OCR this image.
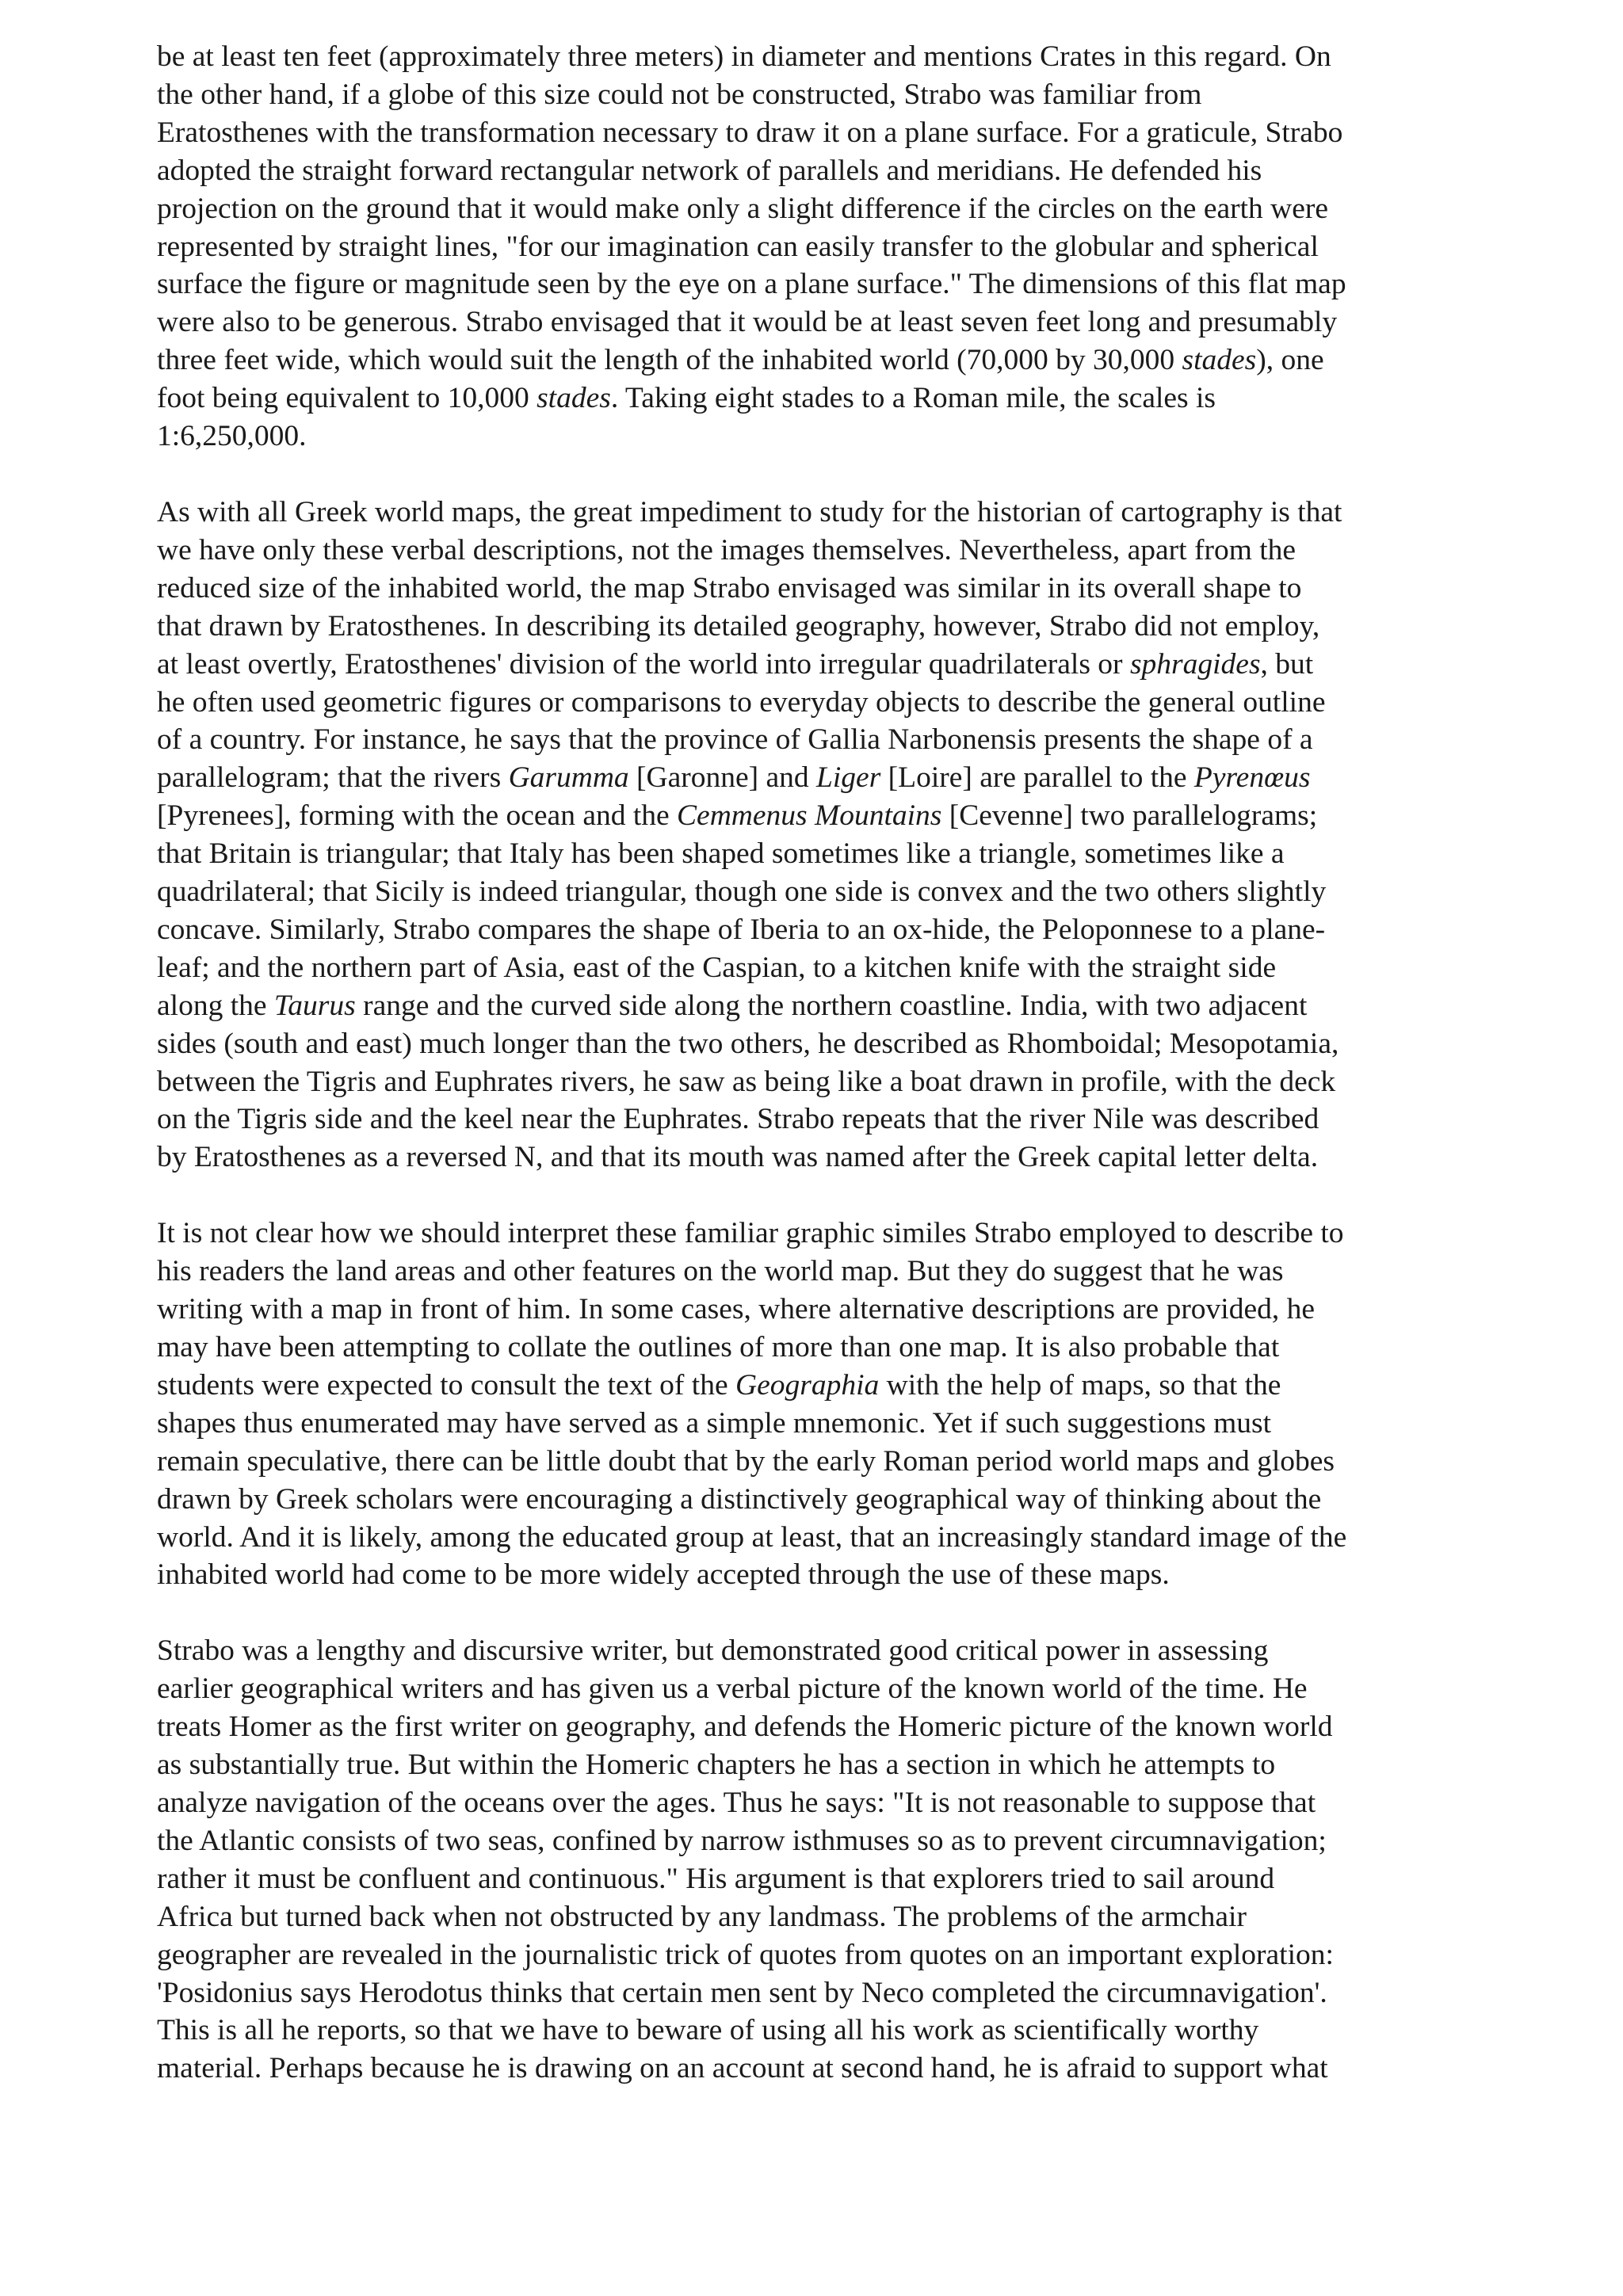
be at least ten feet (approximately three meters) in diameter and mentions Crates in this regard. On
the other hand, if a globe of this size could not be constructed, Strabo was familiar from
Eratosthenes with the transformation necessary to draw it on a plane surface. For a graticule, Strabo
adopted the straight forward rectangular network of parallels and meridians. He defended his
projection on the ground that it would make only a slight difference if the circles on the earth were
represented by straight lines, "for our imagination can easily transfer to the globular and spherical
surface the figure or magnitude seen by the eye on a plane surface." The dimensions of this flat map
were also to be generous. Strabo envisaged that it would be at least seven feet long and presumably
three feet wide, which would suit the length of the inhabited world (70,000 by 30,000 stades), one
foot being equivalent to 10,000 stades. Taking eight stades to a Roman mile, the scales is
1:6,250,000.
As with all Greek world maps, the great impediment to study for the historian of cartography is that
we have only these verbal descriptions, not the images themselves. Nevertheless, apart from the
reduced size of the inhabited world, the map Strabo envisaged was similar in its overall shape to
that drawn by Eratosthenes. In describing its detailed geography, however, Strabo did not employ,
at least overtly, Eratosthenes' division of the world into irregular quadrilaterals or sphragides, but
he often used geometric figures or comparisons to everyday objects to describe the general outline
of a country. For instance, he says that the province of Gallia Narbonensis presents the shape of a
parallelogram; that the rivers Garumma [Garonne] and Liger [Loire] are parallel to the Pyrenœus
[Pyrenees], forming with the ocean and the Cemmenus Mountains [Cevenne] two parallelograms;
that Britain is triangular; that Italy has been shaped sometimes like a triangle, sometimes like a
quadrilateral; that Sicily is indeed triangular, though one side is convex and the two others slightly
concave. Similarly, Strabo compares the shape of Iberia to an ox-hide, the Peloponnese to a plane-
leaf; and the northern part of Asia, east of the Caspian, to a kitchen knife with the straight side
along the Taurus range and the curved side along the northern coastline. India, with two adjacent
sides (south and east) much longer than the two others, he described as Rhomboidal; Mesopotamia,
between the Tigris and Euphrates rivers, he saw as being like a boat drawn in profile, with the deck
on the Tigris side and the keel near the Euphrates. Strabo repeats that the river Nile was described
by Eratosthenes as a reversed N, and that its mouth was named after the Greek capital letter delta.
It is not clear how we should interpret these familiar graphic similes Strabo employed to describe to
his readers the land areas and other features on the world map. But they do suggest that he was
writing with a map in front of him. In some cases, where alternative descriptions are provided, he
may have been attempting to collate the outlines of more than one map. It is also probable that
students were expected to consult the text of the Geographia with the help of maps, so that the
shapes thus enumerated may have served as a simple mnemonic. Yet if such suggestions must
remain speculative, there can be little doubt that by the early Roman period world maps and globes
drawn by Greek scholars were encouraging a distinctively geographical way of thinking about the
world. And it is likely, among the educated group at least, that an increasingly standard image of the
inhabited world had come to be more widely accepted through the use of these maps.
Strabo was a lengthy and discursive writer, but demonstrated good critical power in assessing
earlier geographical writers and has given us a verbal picture of the known world of the time. He
treats Homer as the first writer on geography, and defends the Homeric picture of the known world
as substantially true. But within the Homeric chapters he has a section in which he attempts to
analyze navigation of the oceans over the ages. Thus he says: "It is not reasonable to suppose that
the Atlantic consists of two seas, confined by narrow isthmuses so as to prevent circumnavigation;
rather it must be confluent and continuous." His argument is that explorers tried to sail around
Africa but turned back when not obstructed by any landmass. The problems of the armchair
geographer are revealed in the journalistic trick of quotes from quotes on an important exploration:
'Posidonius says Herodotus thinks that certain men sent by Neco completed the circumnavigation'.
This is all he reports, so that we have to beware of using all his work as scientifically worthy
material. Perhaps because he is drawing on an account at second hand, he is afraid to support what
